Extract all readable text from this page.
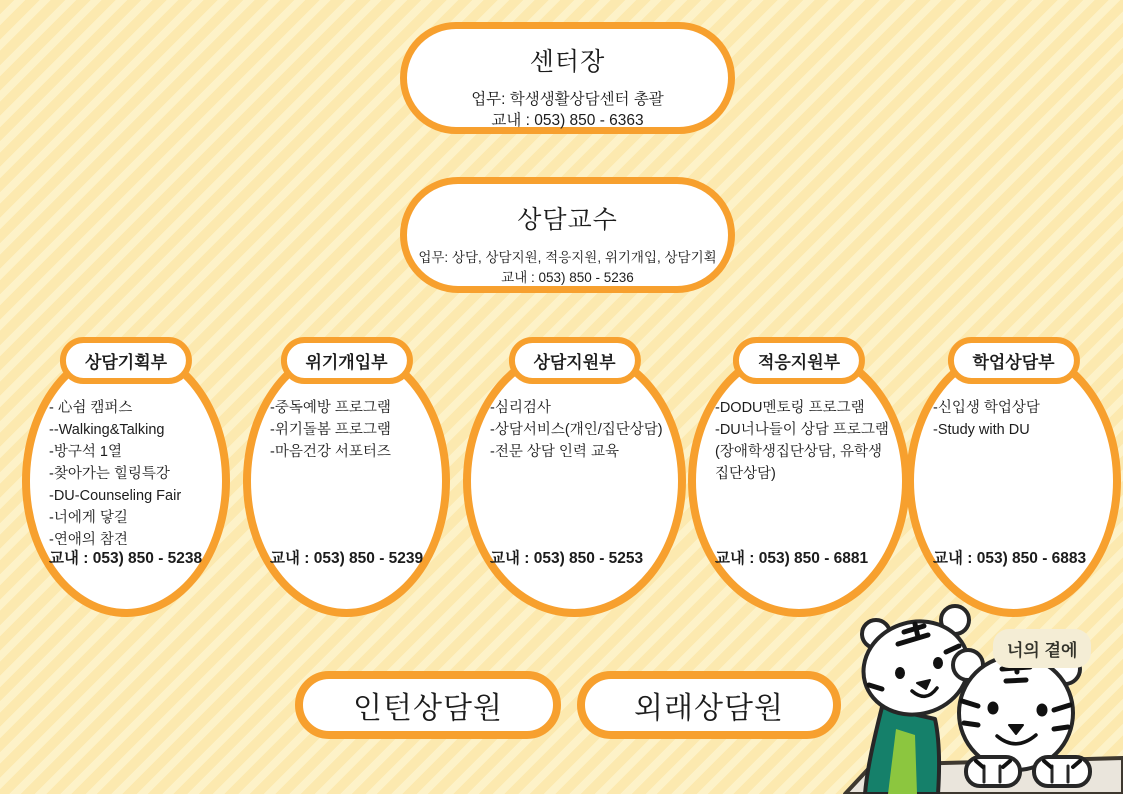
센터장

업무: 학생생활상담센터 총괄

교내 : 053) 850 - 6363

상담교수

업무: 상담, 상담지원, 적응지원, 위기개입, 상담기획

교내 : 053) 850 - 5236

상담기획부
- 心쉼 캠퍼스
--Walking&Talking
-방구석 1열
-찾아가는 힐링특강
-DU-Counseling Fair
-너에게 닿길
-연애의 참견
교내 : 053) 850 - 5238
위기개입부
-중독예방 프로그램
-위기돌봄 프로그램
-마음건강 서포터즈
교내 : 053) 850 - 5239
상담지원부
-심리검사
-상담서비스(개인/집단상담)
-전문 상담 인력 교육
교내 : 053) 850 - 5253
적응지원부
-DODU멘토링 프로그램
-DU너나들이 상담 프로그램
(장애학생집단상담, 유학생
집단상담)
교내 : 053) 850 - 6881
학업상담부
-신입생 학업상담
-Study with DU
교내 : 053) 850 - 6883
인턴상담원	외래상담원
너의 곁에
